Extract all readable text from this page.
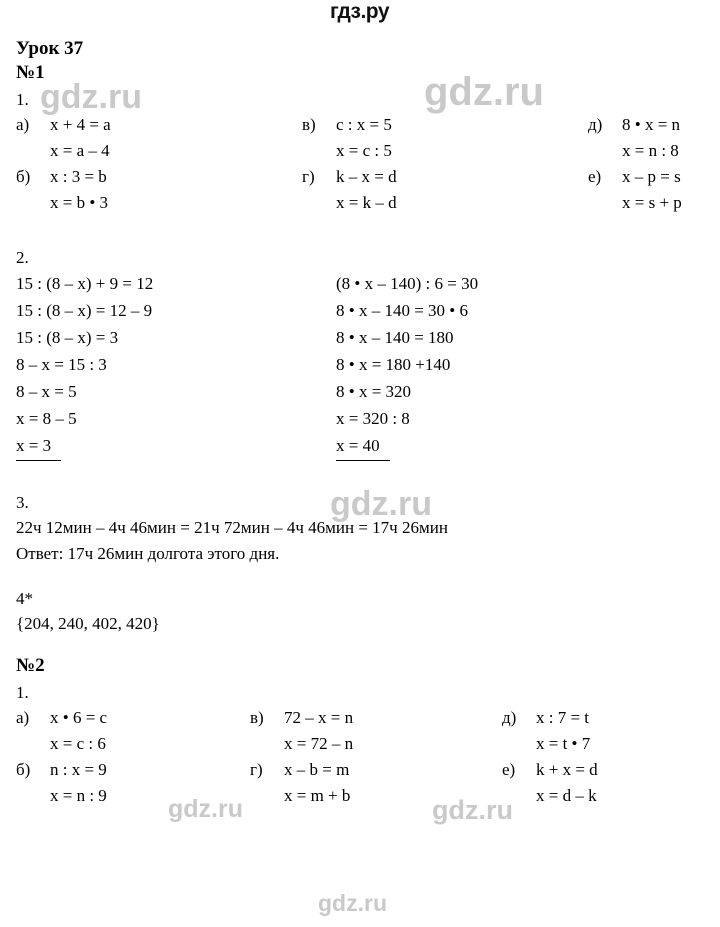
гдз.ру
Урок 37
№1
1.
а)	x + 4 = a	в)	c : x = 5	д)	8 • x = n
x = a – 4	x = c : 5	x = n : 8
б)	x : 3 = b	г)	k – x = d	е)	x – p = s
x = b • 3	x = k – d	x = s + p
2.
15 : (8 – x) + 9 = 12
15 : (8 – x) = 12 – 9
15 : (8 – x) = 3
8 – x = 15 : 3
8 – x = 5
x = 8 – 5
x = 3
(8 • x – 140) : 6 = 30
8 • x – 140 = 30 • 6
8 • x – 140 = 180
8 • x = 180 +140
8 • x = 320
x = 320 : 8
x = 40
3.
22ч 12мин – 4ч 46мин = 21ч 72мин – 4ч 46мин = 17ч 26мин
Ответ: 17ч 26мин долгота этого дня.
4*
{204, 240, 402, 420}
№2
1.
а)	x • 6 = c	в)	72 – x = n	д)	x : 7 = t
x = c : 6	x = 72 – n	x = t • 7
б)	n : x = 9	г)	x – b = m	е)	k + x = d
x = n : 9	x = m + b	x = d – k
gdz.ru	gdz.ru
gdz.ru
gdz.ru	gdz.ru
gdz.ru
